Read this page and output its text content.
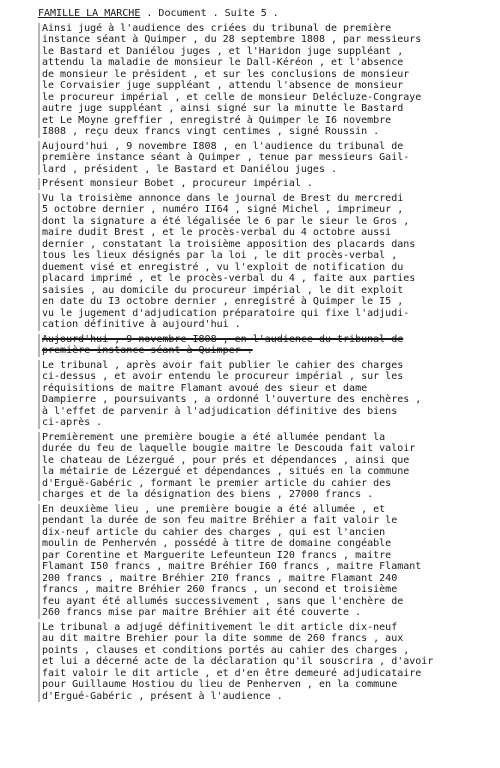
FAMILLE LA MARCHE . Document . Suite 5 .
Ainsi jugé à l'audience des criées du tribunal de première
instance séant à Quimper , du 28 septembre 1808 , par messieurs
le Bastard et Daniélou juges , et l'Haridon juge suppléant ,
attendu la maladie de monsieur le Dall-Kéréon , et l'absence
de monsieur le président , et sur les conclusions de monsieur
le Corvaisier juge suppléant , attendu l'absence de monsieur
le procureur impérial , et celle de monsieur Delécluze-Congraye
autre juge suppléant , ainsi signé sur la minutte le Bastard
et Le Moyne greffier , enregistré à Quimper le I6 novembre
I808 , reçu deux francs vingt centimes , signé Roussin .
Aujourd'hui , 9 novembre I808 , en l'audience du tribunal de
première instance séant à Quimper , tenue par messieurs Gail-
lard , président , le Bastard et Daniélou juges .
Présent monsieur Bobet , procureur impérial .
Vu la troisième annonce dans le journal de Brest du mercredi
5 octobre dernier , numéro II64 , signé Michel , imprimeur ,
dont la signature a été légalisée le 6 par le sieur le Gros ,
maire dudit Brest , et le procès-verbal du 4 octobre aussi
dernier , constatant la troisième apposition des placards dans
tous les lieux désignés par la loi , le dit procès-verbal ,
duement visé et enregistré , vu l'exploit de notification du
placard imprimé , et le procès-verbal du 4 , faite aux parties
saisies , au domicile du procureur impérial , le dit exploit
en date du I3 octobre dernier , enregistré à Quimper le I5 ,
vu le jugement d'adjudication préparatoire qui fixe l'adjudi-
cation définitive à aujourd'hui .
Aujourd'hui , 9 novembre I808 , en l'audience du tribunal de
première instance séant à Quimper .
Le tribunal , après avoir fait publier le cahier des charges
ci-dessus , et avoir entendu le procureur impérial , sur les
réquisitions de maitre Flamant avoué des sieur et dame
Dampierre , poursuivants , a ordonné l'ouverture des enchères ,
à l'effet de parvenir à l'adjudication définitive des biens
ci-après .
Premièrement une première bougie a été allumée pendant la
durée du feu de laquelle bougie maitre le Descouda fait valoir
le chateau de Lézergué , pour prés et dépendances , ainsi que
la métairie de Lézergué et dépendances , situés en la commune
d'Erguë-Gabéric , formant le premier article du cahier des
charges et de la désignation des biens , 27000 francs .
En deuxième lieu , une première bougie a été allumée , et
pendant la durée de son feu maitre Bréhier a fait valoir le
dix-neuf article du cahier des charges , qui est l'ancien
moulin de Penhervén , possédé à titre de domaine congéable
par Corentine et Marguerite Lefeunteun I20 francs , maitre
Flamant I50 francs , maitre Bréhier I60 francs , maitre Flamant
200 francs , maitre Bréhier 2I0 francs , maitre Flamant 240
francs , maitre Bréhier 260 francs , un second et troisième
feu ayant été allumés successivement , sans que l'enchère de
260 francs mise par maitre Bréhier ait été couverte .
Le tribunal a adjugé définitivement le dit article dix-neuf
au dit maitre Brehier pour la dite somme de 260 francs , aux
points , clauses et conditions portés au cahier des charges ,
et lui a décerné acte de la déclaration qu'il souscrira , d'avoir
fait valoir le dit article , et d'en être demeuré adjudicataire
pour Guillaume Hostiou du lieu de Penherven , en la commune
d'Ergué-Gabéric , présent à l'audience .
